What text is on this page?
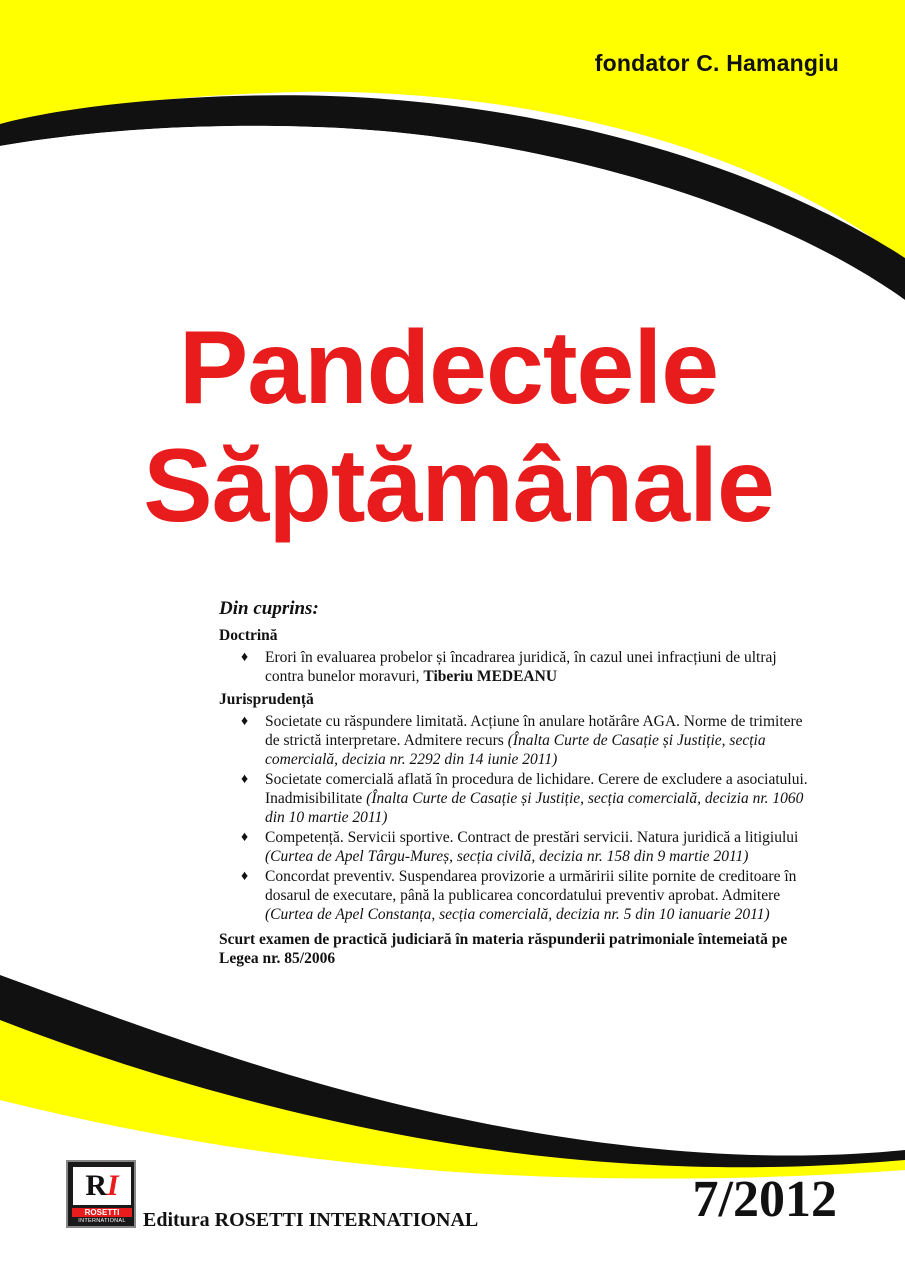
fondator C. Hamangiu
Pandectele
Săptămânale
Din cuprins:
Doctrină
♦ Erori în evaluarea probelor și încadrarea juridică, în cazul unei infracțiuni de ultraj contra bunelor moravuri, Tiberiu MEDEANU
Jurisprudență
♦ Societate cu răspundere limitată. Acțiune în anulare hotărâre AGA. Norme de trimitere de strictă interpretare. Admitere recurs (Înalta Curte de Casație și Justiție, secția comercială, decizia nr. 2292 din 14 iunie 2011)
♦ Societate comercială aflată în procedura de lichidare. Cerere de excludere a asociatului. Inadmisibilitate (Înalta Curte de Casație și Justiție, secția comercială, decizia nr. 1060 din 10 martie 2011)
♦ Competență. Servicii sportive. Contract de prestări servicii. Natura juridică a litigiului (Curtea de Apel Târgu-Mureș, secția civilă, decizia nr. 158 din 9 martie 2011)
♦ Concordat preventiv. Suspendarea provizorie a urmăririi silite pornite de creditoare în dosarul de executare, până la publicarea concordatului preventiv aprobat. Admitere (Curtea de Apel Constanța, secția comercială, decizia nr. 5 din 10 ianuarie 2011)
Scurt examen de practică judiciară în materia răspunderii patrimoniale întemeiată pe Legea nr. 85/2006
RI
ROSETTI
INTERNATIONAL Editura ROSETTI INTERNATIONAL	7/2012
